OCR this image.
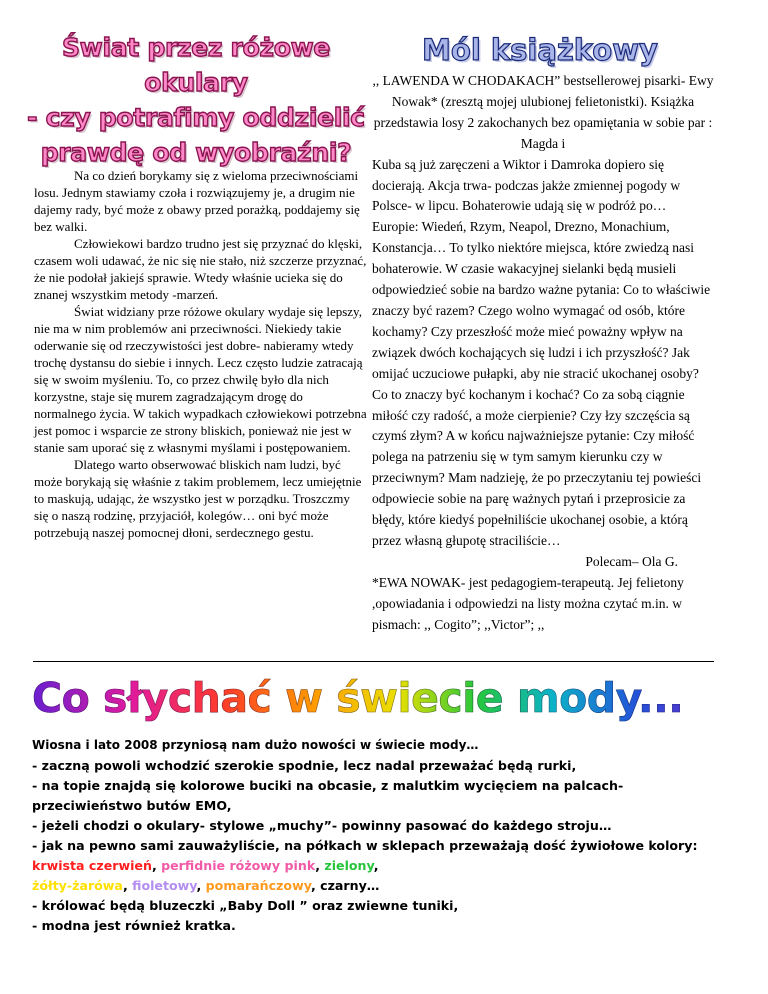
Świat przez różowe okulary
- czy potrafimy oddzielić
prawdę od wyobraźni?

Na co dzień borykamy się z wieloma przeciwnościami losu. Jednym stawiamy czoła i rozwiązujemy je, a drugim nie dajemy rady, być może z obawy przed porażką, poddajemy się bez walki.

Człowiekowi bardzo trudno jest się przyznać do klęski, czasem woli udawać, że nic się nie stało, niż szczerze przyznać, że nie podołał jakiejś sprawie. Wtedy właśnie ucieka się do znanej wszystkim metody -marzeń.

Świat widziany prze różowe okulary wydaje się lepszy, nie ma w nim problemów ani przeciwności. Niekiedy takie oderwanie się od rzeczywistości jest dobre- nabieramy wtedy trochę dystansu do siebie i innych. Lecz często ludzie zatracają się w swoim myśleniu. To, co przez chwilę było dla nich korzystne, staje się murem zagradzającym drogę do normalnego życia. W takich wypadkach człowiekowi potrzebna jest pomoc i wsparcie ze strony bliskich, ponieważ nie jest w stanie sam uporać się z własnymi myślami i postępowaniem.

Dlatego warto obserwować bliskich nam ludzi, być może borykają się właśnie z takim problemem, lecz umiejętnie to maskują, udając, że wszystko jest w porządku. Troszczmy się o naszą rodzinę, przyjaciół, kolegów… oni być może potrzebują naszej pomocnej dłoni, serdecznego gestu.

Mól książkowy

,, LAWENDA W CHODAKACH” bestsellerowej pisarki- Ewy Nowak* (zresztą mojej ulubionej felietonistki). Książka przedstawia losy 2 zakochanych bez opamiętania w sobie par : Magda i

Kuba są już zaręczeni a Wiktor i Damroka dopiero się docierają. Akcja trwa- podczas jakże zmiennej pogody w Polsce- w lipcu. Bohaterowie udają się w podróż po… Europie: Wiedeń, Rzym, Neapol, Drezno, Monachium, Konstancja… To tylko niektóre miejsca, które zwiedzą nasi bohaterowie. W czasie wakacyjnej sielanki będą musieli odpowiedzieć sobie na bardzo ważne pytania: Co to właściwie znaczy być razem? Czego wolno wymagać od osób, które kochamy? Czy przeszłość może mieć poważny wpływ na związek dwóch kochających się ludzi i ich przyszłość? Jak omijać uczuciowe pułapki, aby nie stracić ukochanej osoby? Co to znaczy być kochanym i kochać? Co za sobą ciągnie miłość czy radość, a może cierpienie? Czy łzy szczęścia są czymś złym? A w końcu najważniejsze pytanie: Czy miłość polega na patrzeniu się w tym samym kierunku czy w przeciwnym? Mam nadzieję, że po przeczytaniu tej powieści odpowiecie sobie na parę ważnych pytań i przeprosicie za błędy, które kiedyś popełniliście ukochanej osobie, a którą przez własną głupotę straciliście…

Polecam– Ola G.

*EWA NOWAK- jest pedagogiem-terapeutą. Jej felietony ,opowiadania i odpowiedzi na listy można czytać m.in. w pismach: ,, Cogito”; ,,Victor”; ,,

Co słychać w świecie mody...

Wiosna i lato 2008 przyniosą nam dużo nowości w świecie mody…

- zaczną powoli wchodzić szerokie spodnie, lecz nadal przeważać będą rurki,
- na topie znajdą się kolorowe buciki na obcasie, z malutkim wycięciem na palcach- przeciwieństwo butów EMO,
- jeżeli chodzi o okulary- stylowe „muchy”- powinny pasować do każdego stroju…
- jak na pewno sami zauważyliście, na półkach w sklepach przeważają dość żywiołowe kolory: krwista czerwień, perfidnie różowy pink, zielony,
żółty-żarówa, fioletowy, pomarańczowy, czarny…
- królować będą bluzeczki „Baby Doll ” oraz zwiewne tuniki,
- modna jest również kratka.
